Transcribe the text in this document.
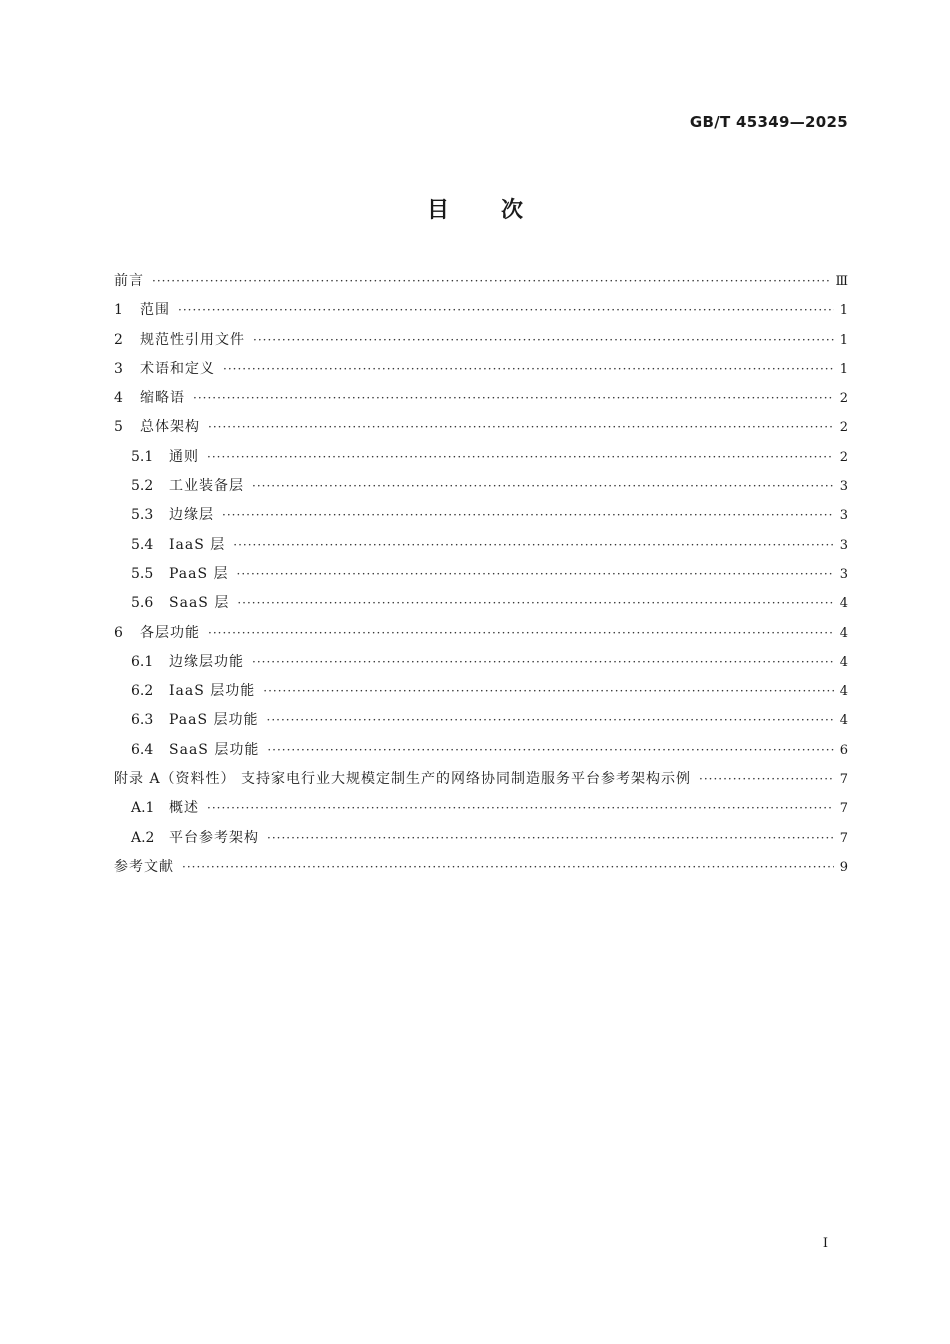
GB/T 45349—2025
目次
前言 ·····	Ⅲ
1	范围 ·····	1
2	规范性引用文件 ·····	1
3	术语和定义 ·····	1
4	缩略语 ·····	2
5	总体架构 ·····	2
5.1	通则 ·····	2
5.2	工业装备层 ·····	3
5.3	边缘层 ·····	3
5.4	IaaS 层 ·····	3
5.5	PaaS 层 ·····	3
5.6	SaaS 层 ·····	4
6	各层功能 ·····	4
6.1	边缘层功能 ·····	4
6.2	IaaS 层功能 ·····	4
6.3	PaaS 层功能 ·····	4
6.4	SaaS 层功能 ·····	6
附录 A（资料性） 支持家电行业大规模定制生产的网络协同制造服务平台参考架构示例 ·····	7
A.1	概述 ·····	7
A.2	平台参考架构 ·····	7
参考文献 ·····	9
I
